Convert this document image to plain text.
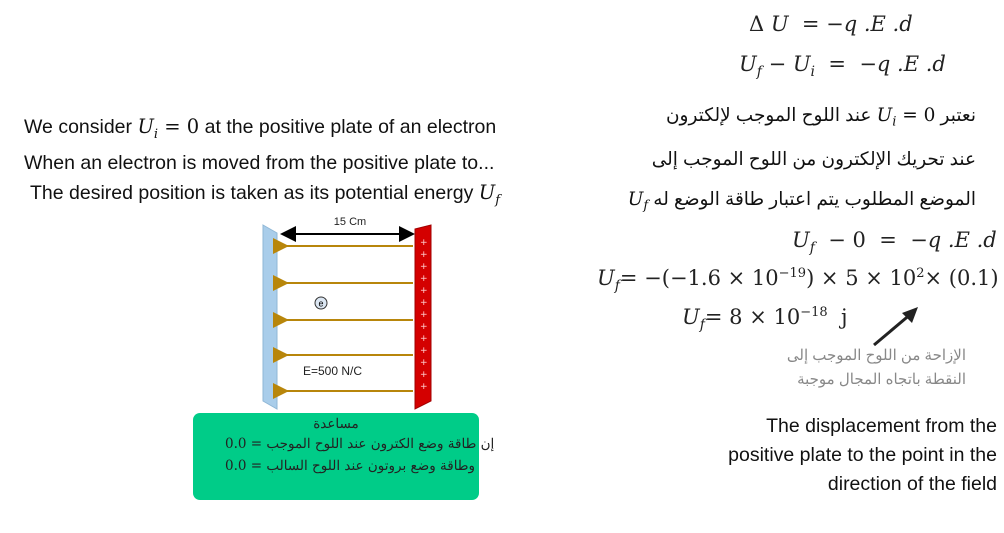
Δ U  = −q .E .d
$U_f - U_i = -q$ .E .d
We consider $U_i = 0$ at the positive plate of an electron
When an electron is moved from the positive plate to...
The desired position is taken as its potential energy $U_f$
نعتبر $U_i = 0$ عند اللوح الموجب لإلكترون
عند تحريك الإلكترون من اللوح الموجب إلى
الموضع المطلوب يتم اعتبار طاقة الوضع له $U_f$
$U_f - 0 = -q$ .E .d
$U_f= -(-1.6 \times 10^{-19}) \times 5 \times 10^2\times (0.1)$
$U_f= 8 \times 10^{-18}$  j
الإزاحة من اللوح الموجب إلى
النقطة باتجاه المجال موجبة
The displacement from the
positive plate to the point in the
direction of the field
15 Cm
+
+
+
+
+
+
+
+
+
+
+
+
+
e
E=500 N/C
مساعدة
إن طاقة وضع الكترون عند اللوح الموجب = 0.0
وطاقة وضع بروتون عند اللوح السالب = 0.0
